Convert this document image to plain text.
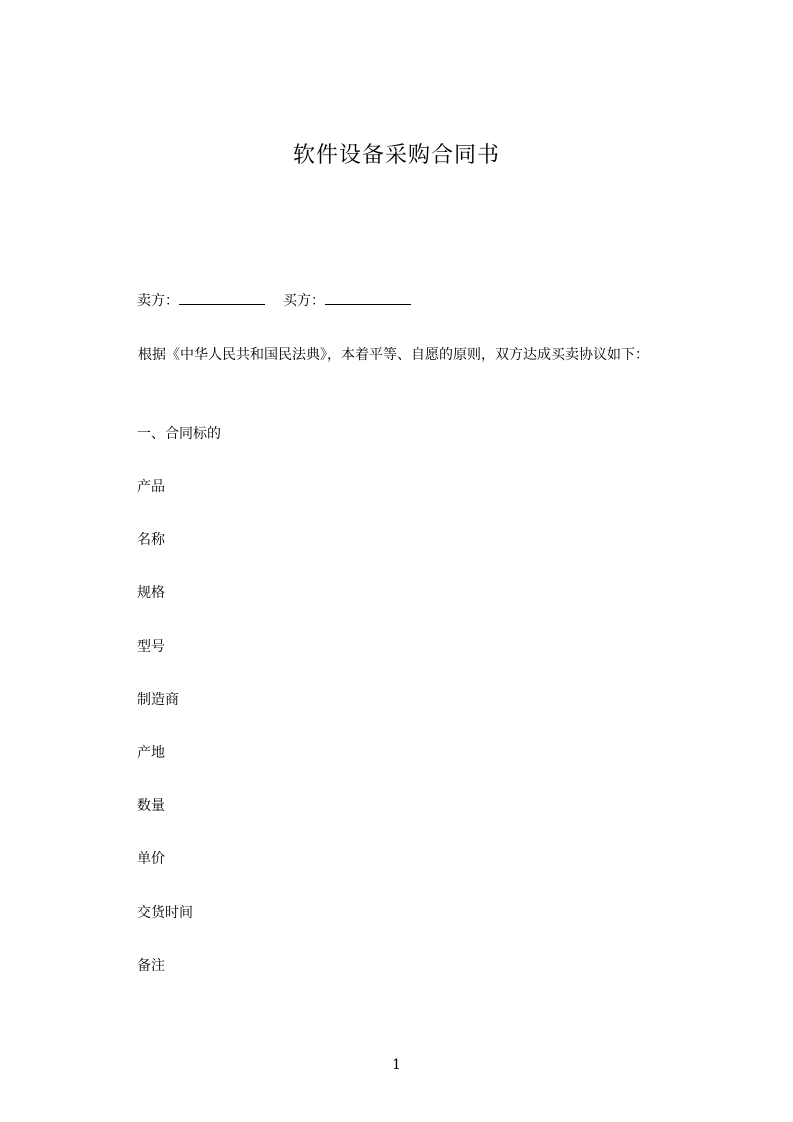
软件设备采购合同书
卖方：	买方：
根据《中华人民共和国民法典》，本着平等、自愿的原则，双方达成买卖协议如下：
一、合同标的
产品
名称
规格
型号
制造商
产地
数量
单价
交货时间
备注
1
